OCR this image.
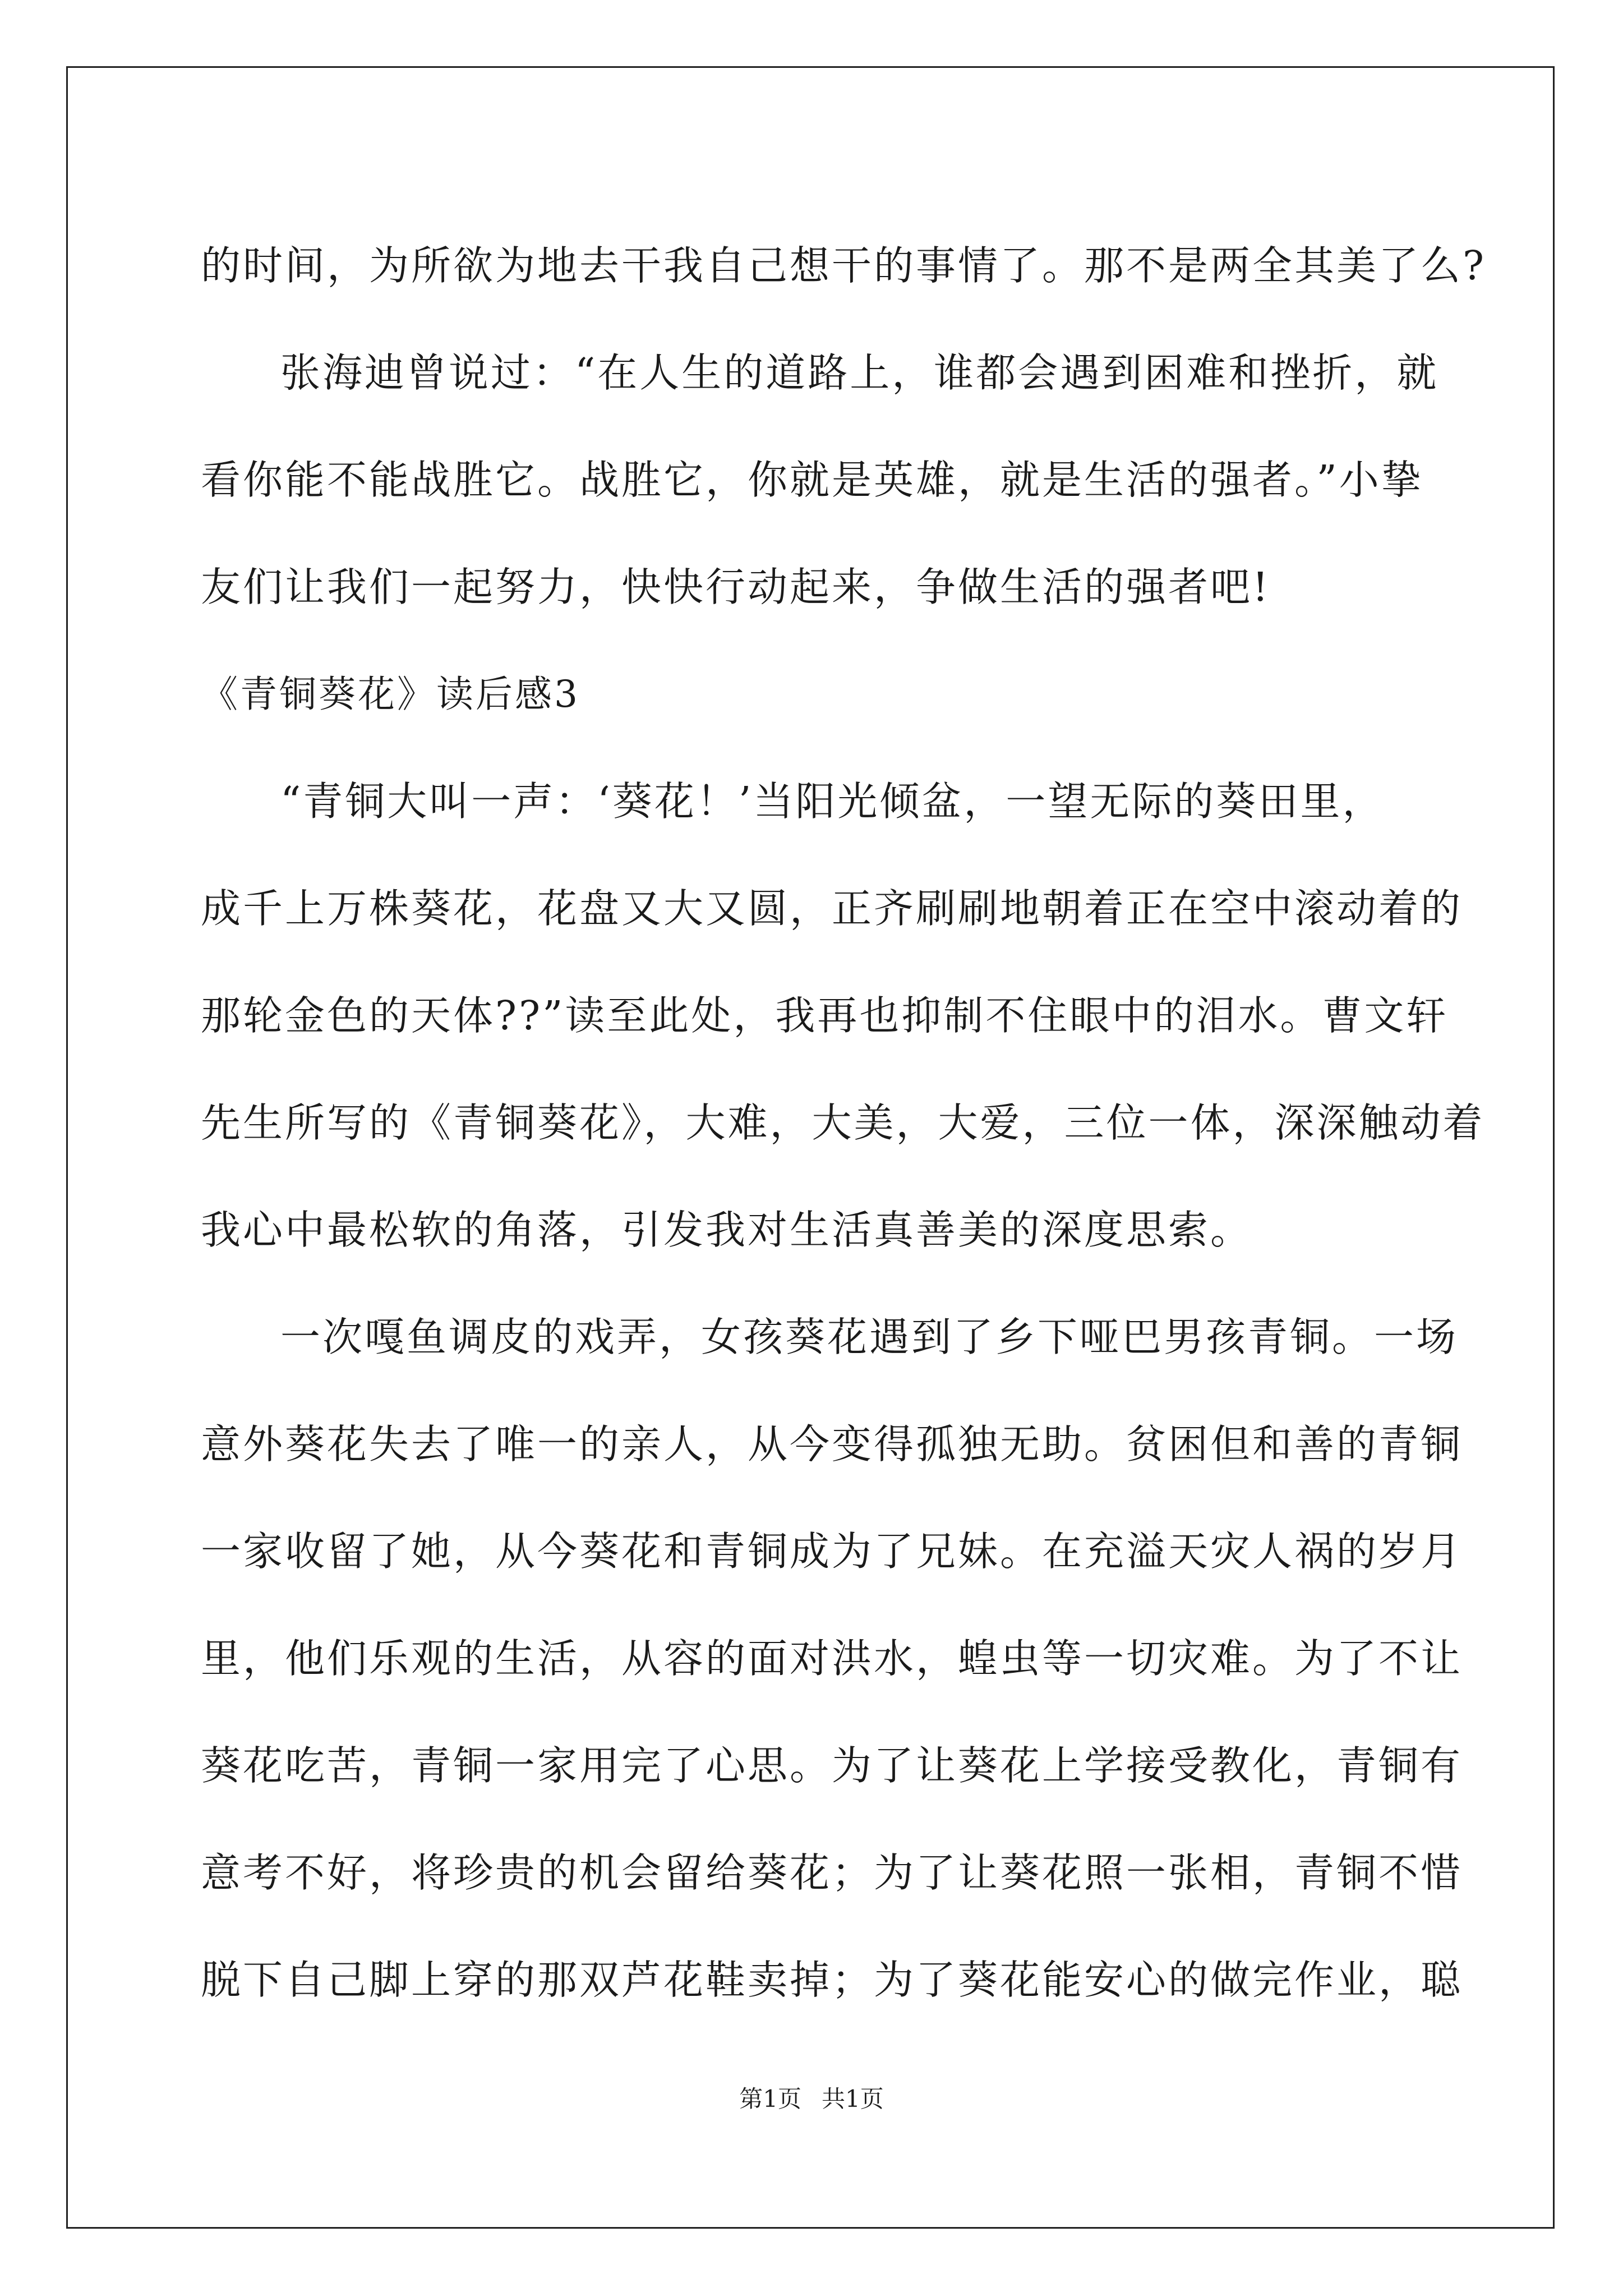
的时间，为所欲为地去干我自己想干的事情了。那不是两全其美了么?
张海迪曾说过：“在人生的道路上，谁都会遇到困难和挫折，就
看你能不能战胜它。战胜它，你就是英雄，就是生活的强者。”小挚
友们让我们一起努力，快快行动起来，争做生活的强者吧!
《青铜葵花》读后感3
“青铜大叫一声：‘葵花！’当阳光倾盆，一望无际的葵田里，
成千上万株葵花，花盘又大又圆，正齐刷刷地朝着正在空中滚动着的
那轮金色的天体??”读至此处，我再也抑制不住眼中的泪水。曹文轩
先生所写的《青铜葵花》，大难，大美，大爱，三位一体，深深触动着
我心中最松软的角落，引发我对生活真善美的深度思索。
一次嘎鱼调皮的戏弄，女孩葵花遇到了乡下哑巴男孩青铜。一场
意外葵花失去了唯一的亲人，从今变得孤独无助。贫困但和善的青铜
一家收留了她，从今葵花和青铜成为了兄妹。在充溢天灾人祸的岁月
里，他们乐观的生活，从容的面对洪水，蝗虫等一切灾难。为了不让
葵花吃苦，青铜一家用完了心思。为了让葵花上学接受教化，青铜有
意考不好，将珍贵的机会留给葵花；为了让葵花照一张相，青铜不惜
脱下自己脚上穿的那双芦花鞋卖掉；为了葵花能安心的做完作业，聪
第1页 共1页
